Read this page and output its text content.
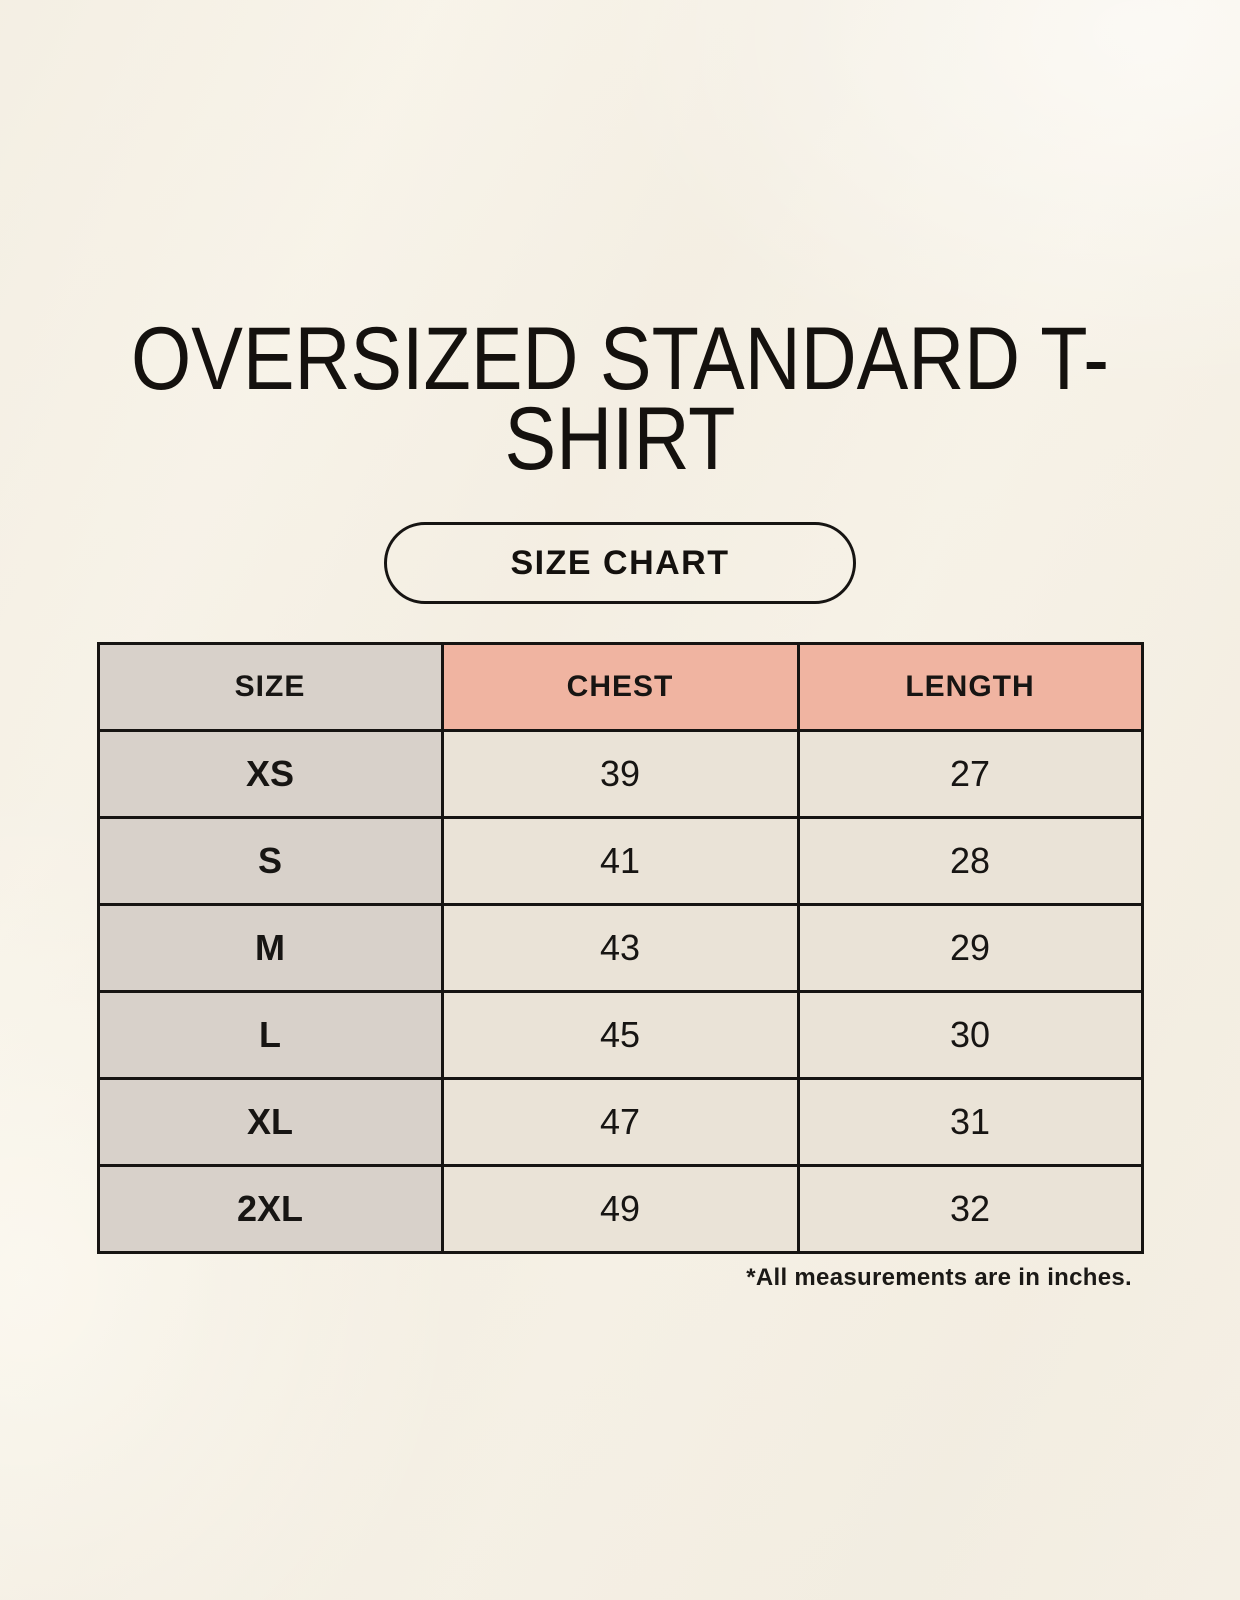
OVERSIZED STANDARD T-SHIRT
SIZE CHART
SIZE	CHEST	LENGTH
XS	39	27
S	41	28
M	43	29
L	45	30
XL	47	31
2XL	49	32
*All measurements are in inches.
